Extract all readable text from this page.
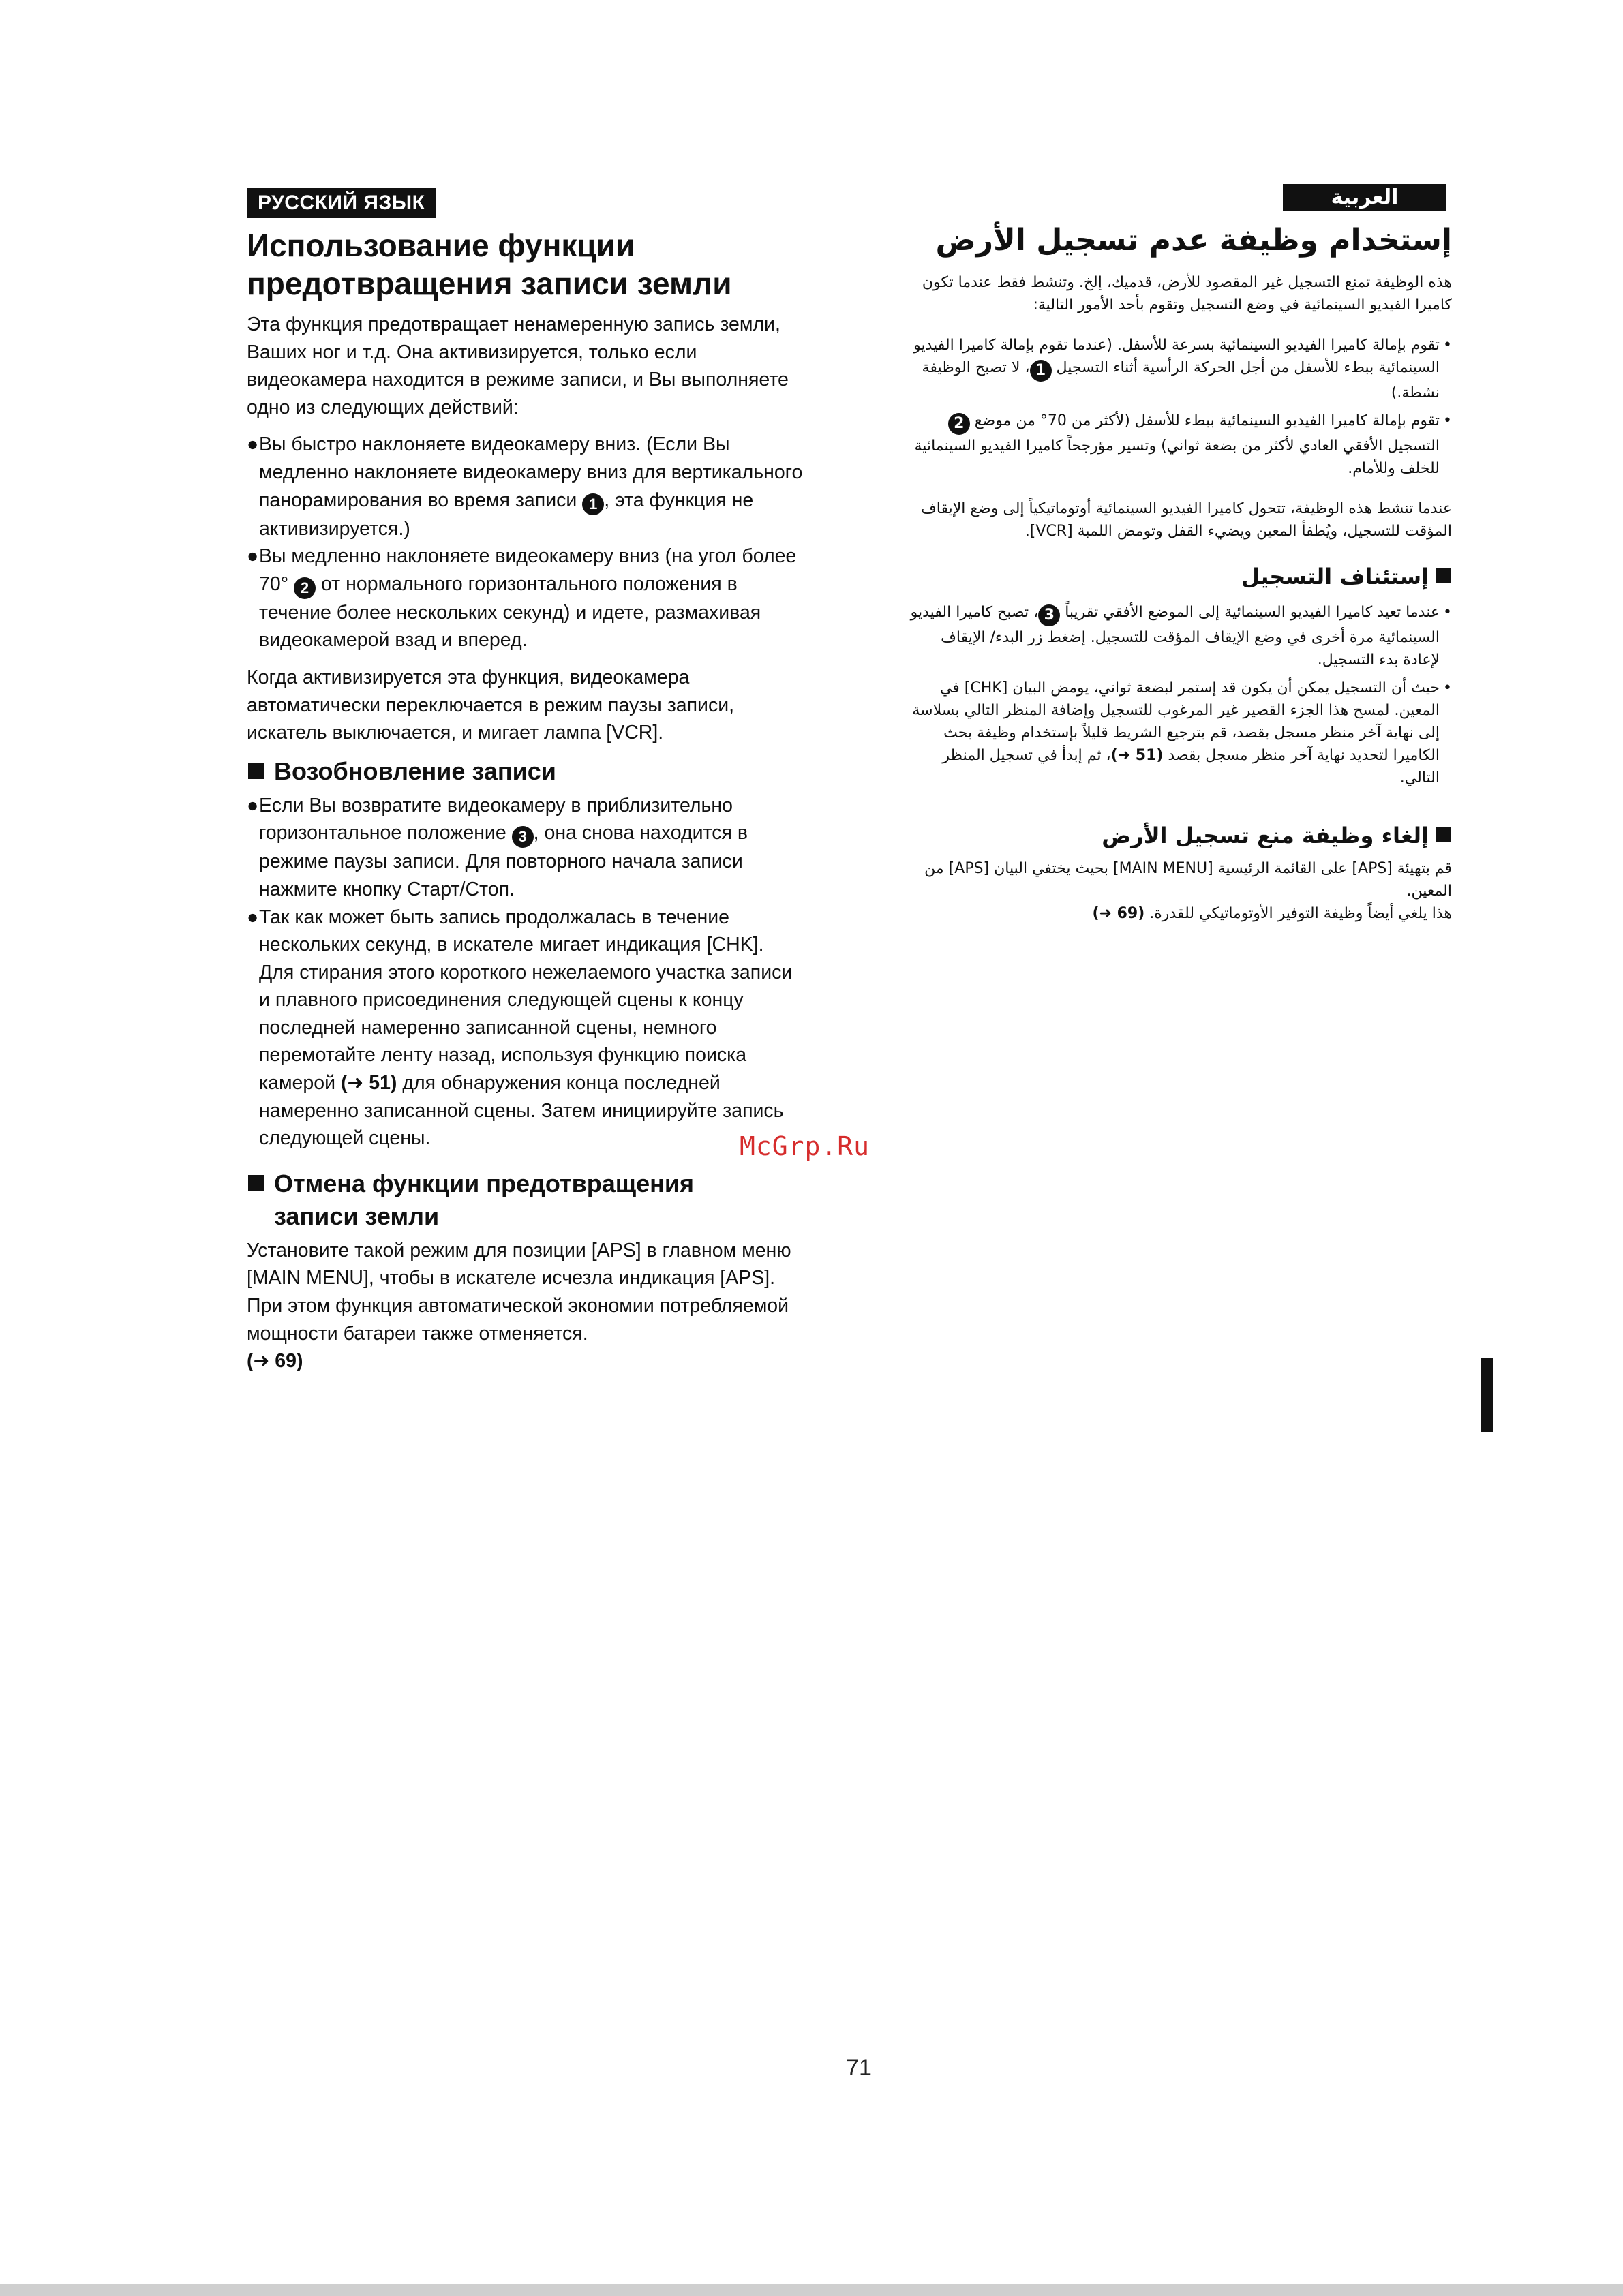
РУССКИЙ ЯЗЫК
Использование функции
предотвращения записи земли

Эта функция предотвращает ненамеренную запись земли, Ваших ног и т.д. Она активизируется, только если видеокамера находится в режиме записи, и Вы выполняете одно из следующих действий:

● Вы быстро наклоняете видеокамеру вниз. (Если Вы медленно наклоняете видеокамеру вниз для вертикального панорамирования во время записи 1 , эта функция не активизируется.)
● Вы медленно наклоняете видеокамеру вниз (на угол более 70° 2 от нормального горизонтального положения в течение более нескольких секунд) и идете, размахивая видеокамерой взад и вперед.

Когда активизируется эта функция, видеокамера автоматически переключается в режим паузы записи, искатель выключается, и мигает лампа [VCR].

Возобновление записи
● Если Вы возвратите видеокамеру в приблизительно горизонтальное положение 3 , она снова находится в режиме паузы записи. Для повторного начала записи нажмите кнопку Старт/Стоп.
● Так как может быть запись продолжалась в течение нескольких секунд, в искателе мигает индикация [CHK].

Для стирания этого короткого нежелаемого участка записи и плавного присоединения следующей сцены к концу последней намеренно записанной сцены, немного перемотайте ленту назад, используя функцию поиска камерой (➜ 51) для обнаружения конца последней намеренно записанной сцены. Затем инициируйте запись следующей сцены.

Отмена функции предотвращения
записи земли

Установите такой режим для позиции [APS] в главном меню [MAIN MENU], чтобы в искателе исчезла индикация [APS].

При этом функция автоматической экономии потребляемой мощности батареи также отменяется.

(➜ 69)

العربية
إستخدام وظيفة عدم تسجيل الأرض

هذه الوظيفة تمنع التسجيل غير المقصود للأرض، قدميك، إلخ. وتنشط فقط عندما تكون كاميرا الفيديو السينمائية في وضع التسجيل وتقوم بأحد الأمور التالية:

•
تقوم بإمالة كاميرا الفيديو السينمائية بسرعة للأسفل. (عندما تقوم بإمالة كاميرا الفيديو السينمائية ببطء للأسفل من أجل الحركة الرأسية أثناء التسجيل 1، لا تصبح الوظيفة نشطة.)
•
تقوم بإمالة كاميرا الفيديو السينمائية ببطء للأسفل (لأكثر من 70° من موضع 2 التسجيل الأفقي العادي لأكثر من بضعة ثواني) وتسير مؤرجحاً كاميرا الفيديو السينمائية للخلف وللأمام.

عندما تنشط هذه الوظيفة، تتحول كاميرا الفيديو السينمائية أوتوماتيكياً إلى وضع الإيقاف المؤقت للتسجيل، ويُطفأ المعين ويضيء القفل وتومض اللمبة [VCR].

إستئناف التسجيل
•
عندما تعيد كاميرا الفيديو السينمائية إلى الموضع الأفقي تقريباً 3، تصبح كاميرا الفيديو السينمائية مرة أخرى في وضع الإيقاف المؤقت للتسجيل. إضغط زر البدء/ الإيقاف لإعادة بدء التسجيل.
•
حيث أن التسجيل يمكن أن يكون قد إستمر لبضعة ثواني، يومض البيان [CHK] في المعين. لمسح هذا الجزء القصير غير المرغوب للتسجيل وإضافة المنظر التالي بسلاسة إلى نهاية آخر منظر مسجل بقصد، قم بترجيع الشريط قليلاً بإستخدام وظيفة بحث الكاميرا لتحديد نهاية آخر منظر مسجل بقصد (➜ 51)، ثم إبدأ في تسجيل المنظر التالي.
إلغاء وظيفة منع تسجيل الأرض

قم بتهيئة [APS] على القائمة الرئيسية [MAIN MENU] بحيث يختفي البيان [APS] من المعين.

هذا يلغي أيضاً وظيفة التوفير الأوتوماتيكي للقدرة. (➜ 69)

McGrp.Ru
71
